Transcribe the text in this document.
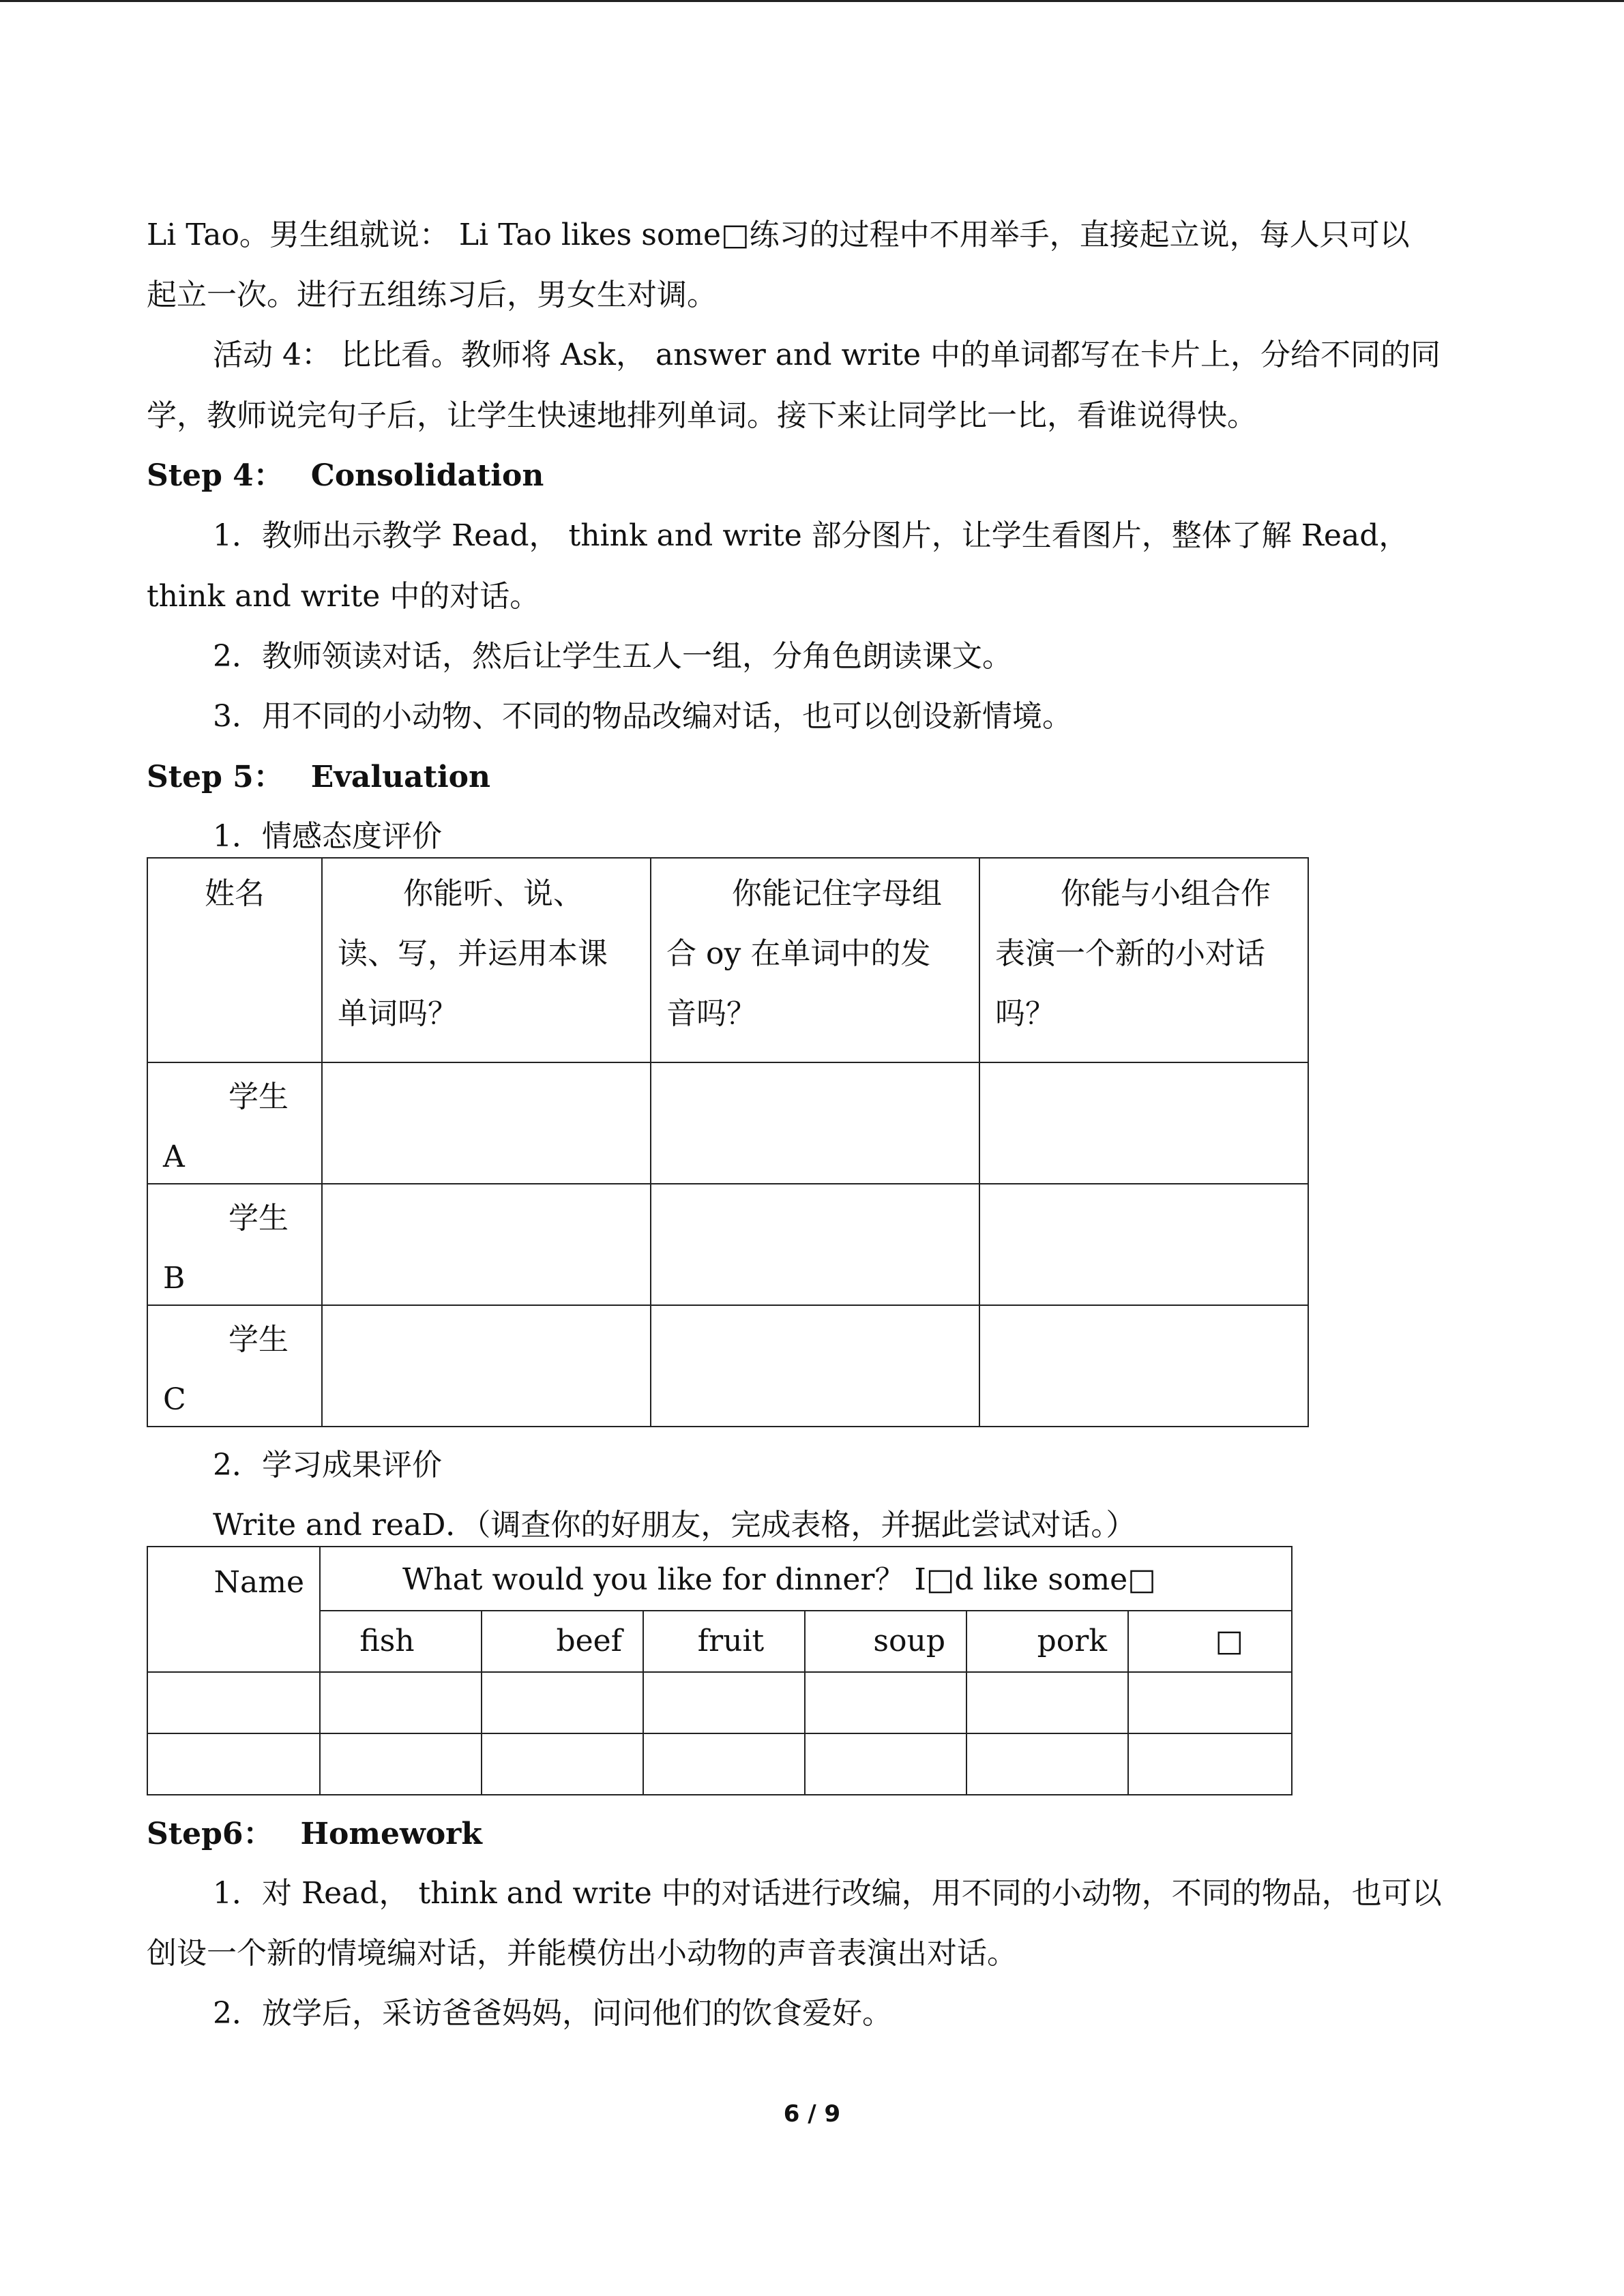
Li Tao。男生组就说： Li Tao likes some□练习的过程中不用举手，直接起立说，每人只可以
起立一次。进行五组练习后，男女生对调。
活动 4： 比比看。教师将 Ask， answer and write 中的单词都写在卡片上，分给不同的同
学，教师说完句子后，让学生快速地排列单词。接下来让同学比一比，看谁说得快。
Step 4： Consolidation
1．教师出示教学 Read， think and write 部分图片，让学生看图片，整体了解 Read，
think and write 中的对话。
2．教师领读对话，然后让学生五人一组，分角色朗读课文。
3．用不同的小动物、不同的物品改编对话，也可以创设新情境。
Step 5： Evaluation
1．情感态度评价
姓名	你能听、说、
读、写，并运用本课
单词吗？	你能记住字母组
合 oy 在单词中的发
音吗？	你能与小组合作
表演一个新的小对话
吗？

学生
A			

学生
B			

学生
C			

2．学习成果评价
Write and reaD．（调查你的好朋友，完成表格，并据此尝试对话。）
Name	What would you like for dinner？ I□d like some□					
	fish	beef	fruit	soup	pork	□

Step6： Homework
1．对 Read， think and write 中的对话进行改编，用不同的小动物，不同的物品，也可以
创设一个新的情境编对话，并能模仿出小动物的声音表演出对话。
2．放学后，采访爸爸妈妈，问问他们的饮食爱好。
6 / 9
